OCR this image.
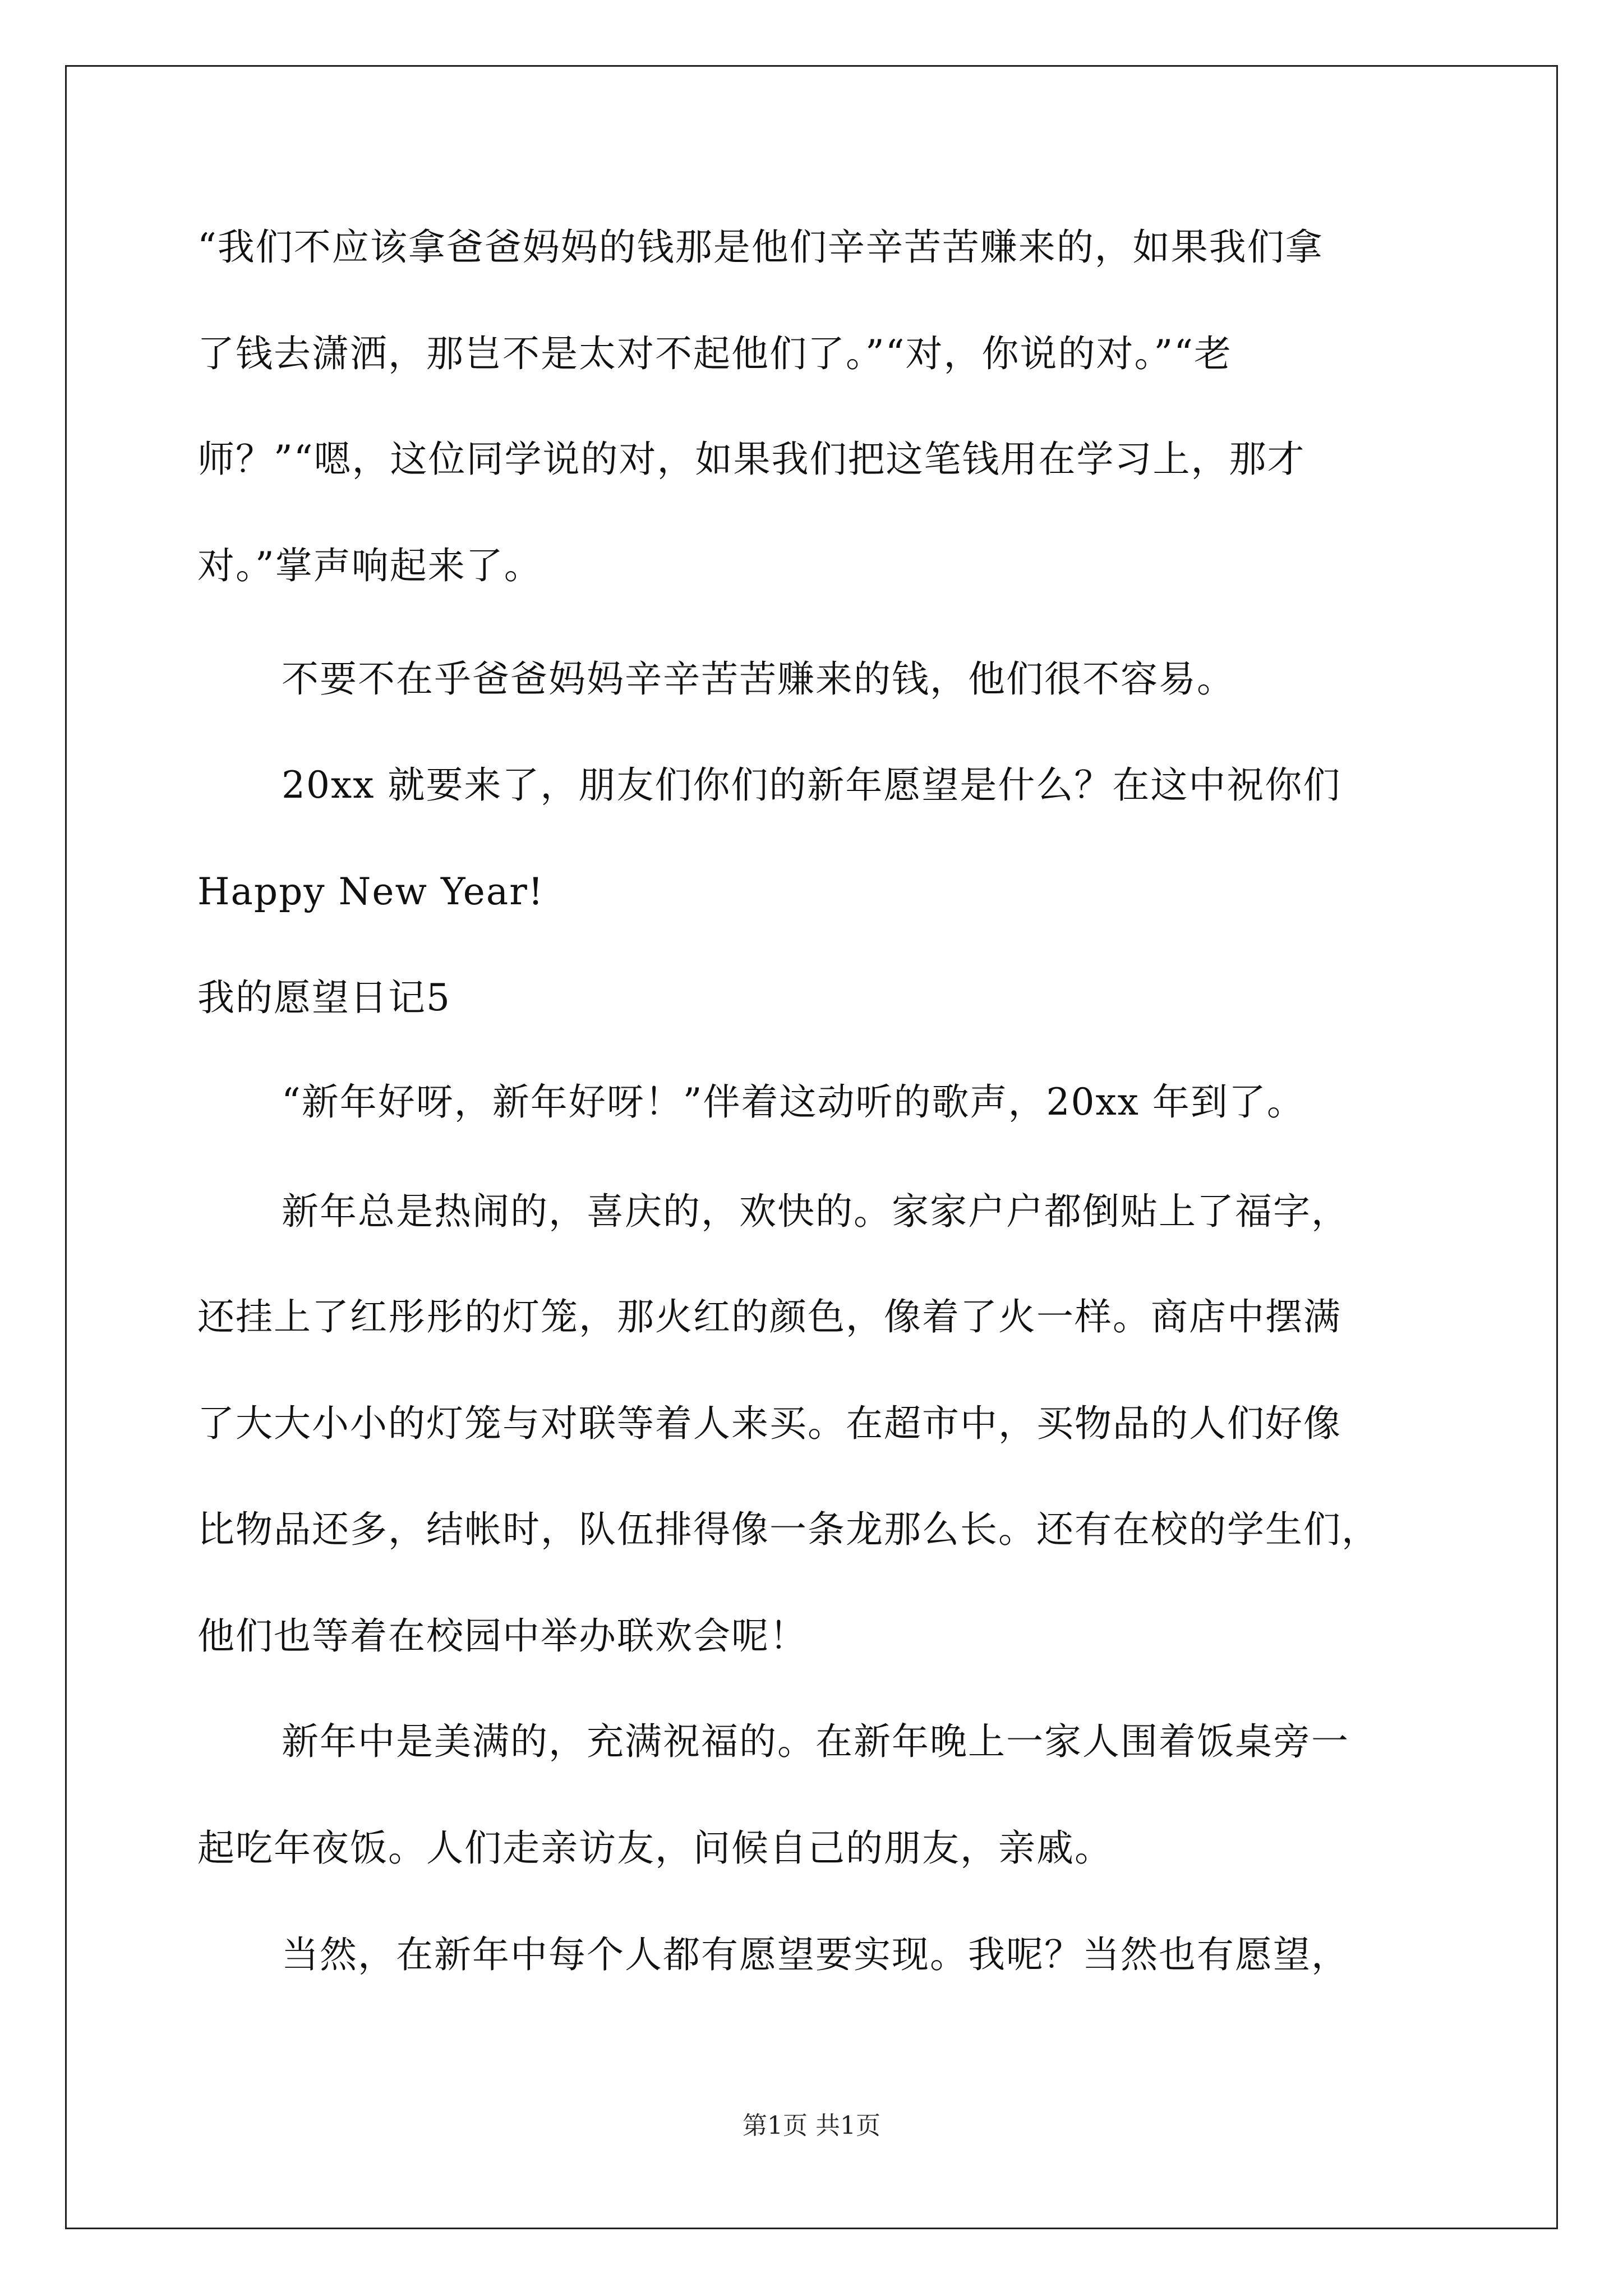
“我们不应该拿爸爸妈妈的钱那是他们辛辛苦苦赚来的，如果我们拿

了钱去潇洒，那岂不是太对不起他们了。”“对，你说的对。”“老

师？”“嗯，这位同学说的对，如果我们把这笔钱用在学习上，那才

对。”掌声响起来了。

不要不在乎爸爸妈妈辛辛苦苦赚来的钱，他们很不容易。

20xx 就要来了，朋友们你们的新年愿望是什么？在这中祝你们

Happy New Year!

我的愿望日记5

“新年好呀，新年好呀！”伴着这动听的歌声，20xx 年到了。

新年总是热闹的，喜庆的，欢快的。家家户户都倒贴上了福字，

还挂上了红彤彤的灯笼，那火红的颜色，像着了火一样。商店中摆满

了大大小小的灯笼与对联等着人来买。在超市中，买物品的人们好像

比物品还多，结帐时，队伍排得像一条龙那么长。还有在校的学生们，

他们也等着在校园中举办联欢会呢！

新年中是美满的，充满祝福的。在新年晚上一家人围着饭桌旁一

起吃年夜饭。人们走亲访友，问候自己的朋友，亲戚。

当然，在新年中每个人都有愿望要实现。我呢？当然也有愿望，

第1页 共1页
